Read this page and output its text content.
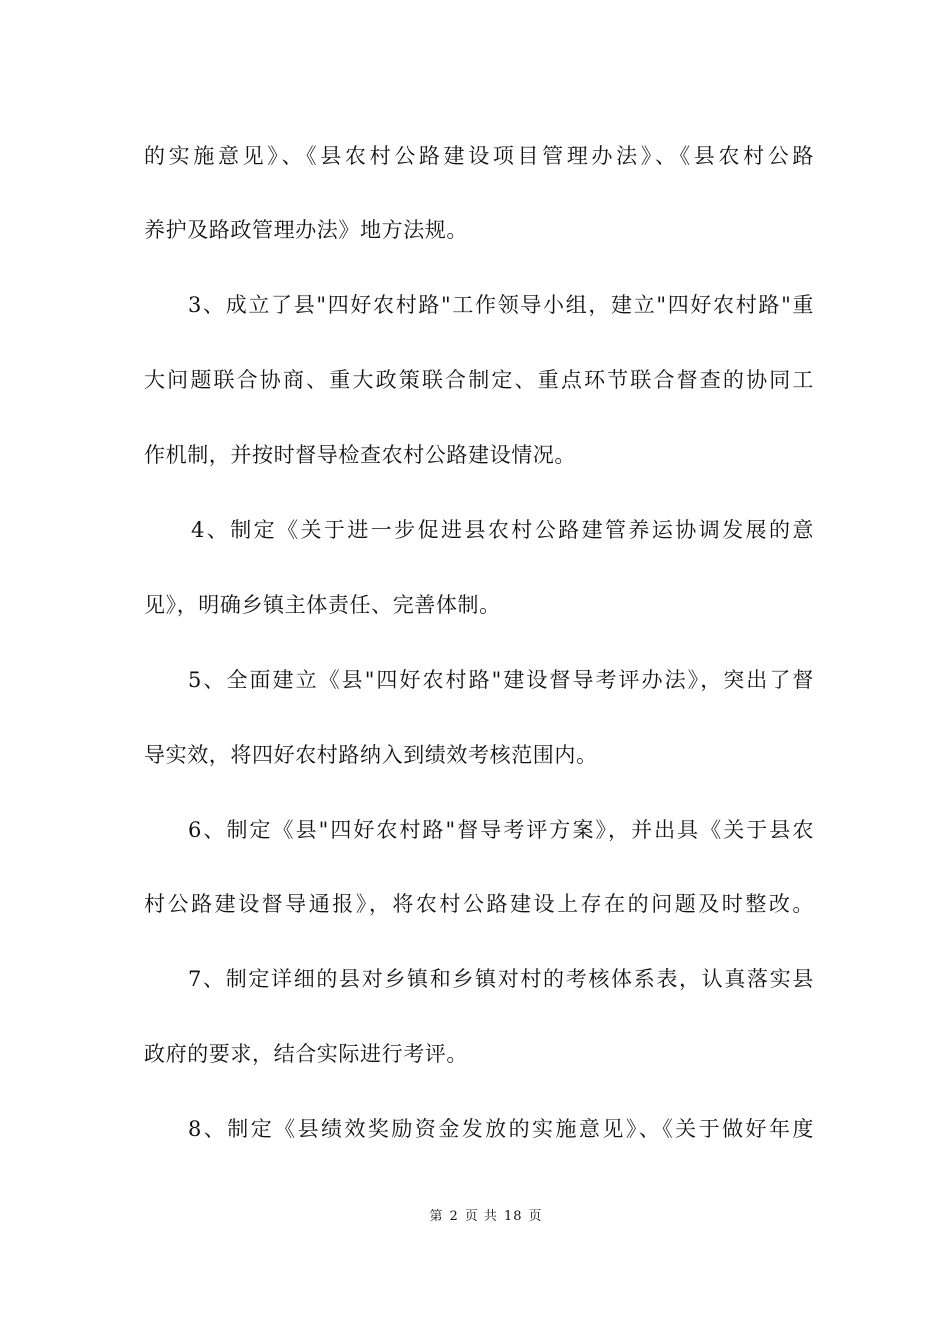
的实施意见》、《县农村公路建设项目管理办法》、《县农村公路
养护及路政管理办法》地方法规。
3、成立了县"四好农村路"工作领导小组，建立"四好农村路"重
大问题联合协商、重大政策联合制定、重点环节联合督查的协同工
作机制，并按时督导检查农村公路建设情况。
4、制定《关于进一步促进县农村公路建管养运协调发展的意
见》，明确乡镇主体责任、完善体制。
5、全面建立《县"四好农村路"建设督导考评办法》，突出了督
导实效，将四好农村路纳入到绩效考核范围内。
6、制定《县"四好农村路"督导考评方案》，并出具《关于县农
村公路建设督导通报》，将农村公路建设上存在的问题及时整改。
7、制定详细的县对乡镇和乡镇对村的考核体系表，认真落实县
政府的要求，结合实际进行考评。
8、制定《县绩效奖励资金发放的实施意见》、《关于做好年度
第 2 页 共 18 页
